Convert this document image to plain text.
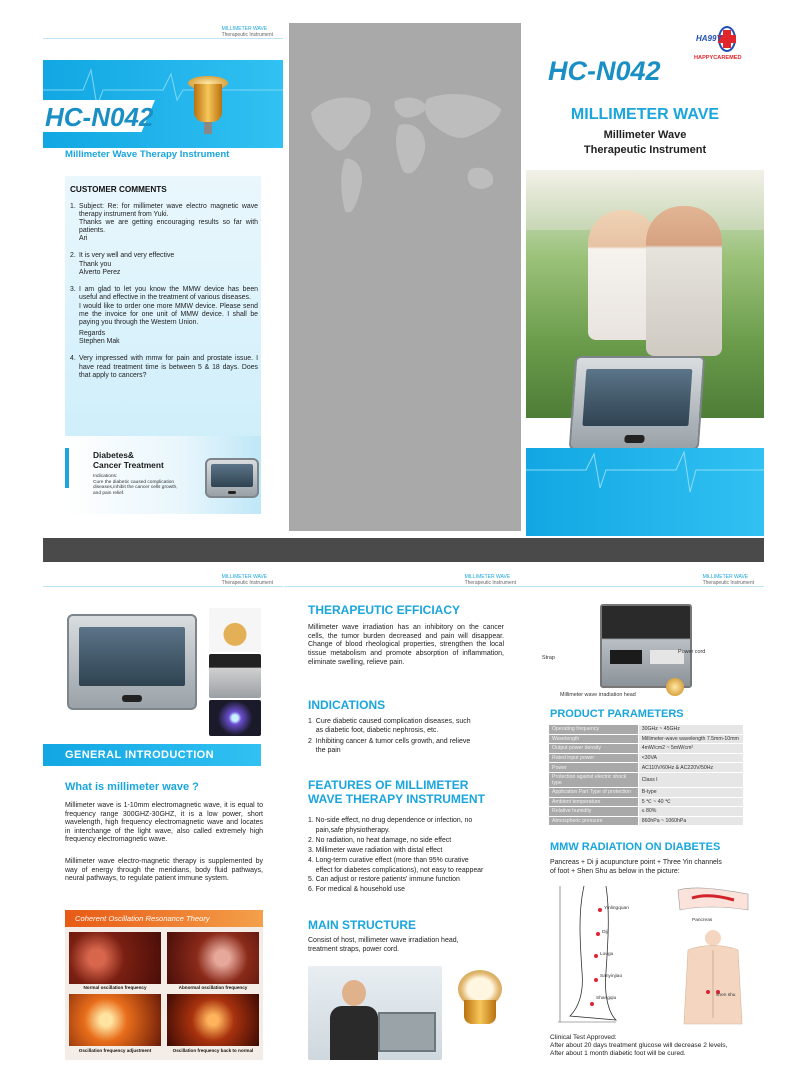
MILLIMETER WAVE
Therapeutic Instrument
HC-N042
Millimeter Wave Therapy Instrument
CUSTOMER COMMENTS
1. Subject: Re: for millimeter wave electro magnetic wave therapy instrument from Yuki.
Thanks we are getting encouraging results so far with patients.
Ari
2. It is very well and very effective
Thank you
Alverto Perez
3. I am glad to let you know the MMW device has been useful and effective in the treatment of various diseases.
I would like to order one more MMW device. Please send me the invoice for one unit of MMW device. I shall be paying you through the Western Union.
Regards
Stephen Mak
4. Very impressed with mmw for pain and prostate issue. I have read treatment time is between 5 & 18 days. Does that apply to cancers?
Diabetes&
Cancer Treatment
Indications:
Cure the diabetic caused complication diseases,inhibit the cancer cells growth,
and pain relief.
HA99Y
HAPPYCAREMED
HC-N042
MILLIMETER WAVE
Millimeter Wave
Therapeutic Instrument
MILLIMETER WAVE
Therapeutic Instrument
GENERAL INTRODUCTION
What is millimeter wave ?
Millimeter wave is 1-10mm electromagnetic wave, it is equal to frequency range 300GHZ-30GHZ, it is a low power, short wavelength, high frequency electromagnetic wave and locates in interchange of the light wave, also called extremely high frequency electromagnetic wave.
Millimeter wave electro-magnetic therapy is supplemented by way of energy through the meridians, body fluid pathways, neural pathways, to regulate patient immune system.
Coherent Oscillation Resonance Theory
Normal oscillation frequency	Abnormal oscillation frequency
Oscillation frequency adjustment	Oscillation frequency back to normal
MILLIMETER WAVE
Therapeutic Instrument
THERAPEUTIC EFFICIACY
Millimeter wave irradiation has an inhibitory on the cancer cells, the tumor burden decreased and pain will disappear. Change of blood rheological properties, strengthen the local tissue metabolism and promote absorption of inflammation, eliminate swelling, relieve pain.
INDICATIONS
1  Cure diabetic caused complication diseases, such
as diabetic foot, diabetic nephrosis, etc.
2  Inhibiting cancer & tumor cells growth, and relieve
the pain
FEATURES OF MILLIMETER
WAVE THERAPY INSTRUMENT
1. No-side effect, no drug dependence or infection, no
pain,safe physiotherapy.
2. No radiation, no heat damage, no side effect
3. Millimeter wave radiation with distal effect
4. Long-term curative effect (more than 95% curative
effect for diabetes complications), not easy to reappear
5. Can adjust or restore patients' immune function
6. For medical & household use
MAIN STRUCTURE
Consist of host, millimeter wave irradiation head,
treatment straps, power cord.
MILLIMETER WAVE
Therapeutic Instrument
Strap
Power cord
Millimeter wave irradiation head
PRODUCT PARAMETERS
Operating frequency	30GHz ~ 45GHz
Wavelength	Millimeter-wave wavelength 7.5mm-10mm
Output power density	4mW/cm2 ~ 5mW/cm²
Rated input power	<30VA
Power	AC110V/60Hz & AC220V/50Hz
Protection against electric shock type	Class I
Application Part Type of protection	B-type
Ambient temperature	5 ℃ ~ 40 ℃
Relative humidity	≤ 80%
Atmospheric pressure	860hPa ~ 1060hPa
MMW RADIATION ON DIABETES
Pancreas + Di ji acupuncture point + Three Yin channels
of foot + Shen Shu as below in the picture:
Yinlingquan
Diji
Lougu
Sanyinjiao
Shangqiu
Pancreas
shen shu
Clinical Test Approved:
After about 20 days treatment glucose will decrease 2 levels,
After about 1 month diabetic foot will be cured.
